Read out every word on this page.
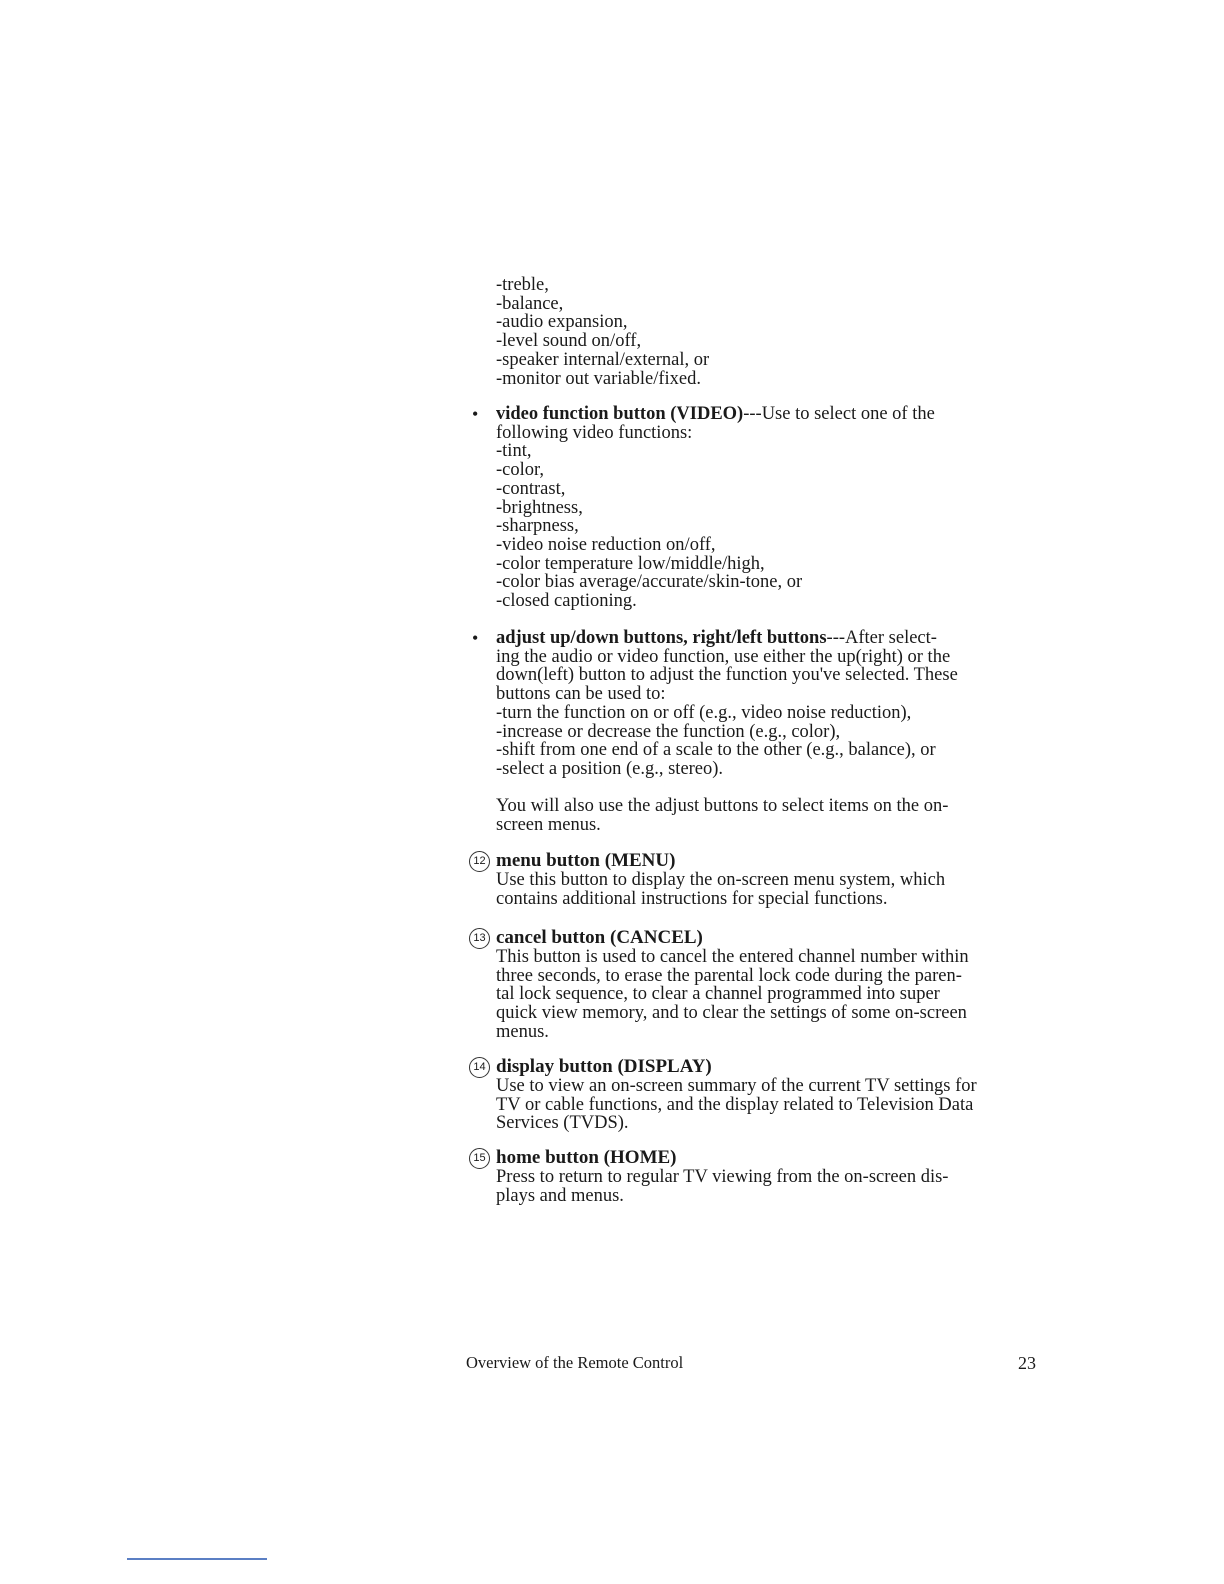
-treble,
-balance,
-audio expansion,
-level sound on/off,
-speaker internal/external, or
-monitor out variable/fixed.
• video function button (VIDEO)---Use to select one of the
following video functions:
-tint,
-color,
-contrast,
-brightness,
-sharpness,
-video noise reduction on/off,
-color temperature low/middle/high,
-color bias average/accurate/skin-tone, or
-closed captioning.
• adjust up/down buttons, right/left buttons---After select-
ing the audio or video function, use either the up(right) or the
down(left) button to adjust the function you've selected. These
buttons can be used to:
-turn the function on or off (e.g., video noise reduction),
-increase or decrease the function (e.g., color),
-shift from one end of a scale to the other (e.g., balance), or
-select a position (e.g., stereo).
You will also use the adjust buttons to select items on the on-
screen menus.
12 menu button (MENU)
Use this button to display the on-screen menu system, which
contains additional instructions for special functions.
13 cancel button (CANCEL)
This button is used to cancel the entered channel number within
three seconds, to erase the parental lock code during the paren-
tal lock sequence, to clear a channel programmed into super
quick view memory, and to clear the settings of some on-screen
menus.
14 display button (DISPLAY)
Use to view an on-screen summary of the current TV settings for
TV or cable functions, and the display related to Television Data
Services (TVDS).
15 home button (HOME)
Press to return to regular TV viewing from the on-screen dis-
plays and menus.
Overview of the Remote Control	23
